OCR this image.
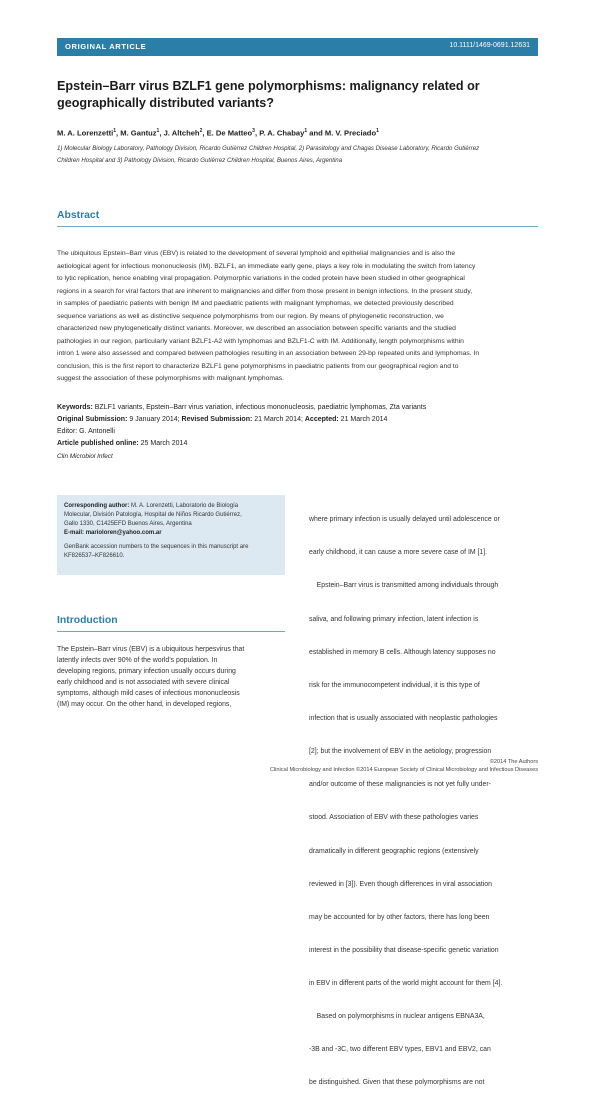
ORIGINAL ARTICLE	10.1111/1469-0691.12631
Epstein–Barr virus BZLF1 gene polymorphisms: malignancy related or
geographically distributed variants?
M. A. Lorenzetti$^1$, M. Gantuz$^1$, J. Altcheh$^2$, E. De Matteo$^3$, P. A. Chabay$^1$ and M. V. Preciado$^1$
1) Molecular Biology Laboratory, Pathology Division, Ricardo Gutiérrez Children Hospital, 2) Parasitology and Chagas Disease Laboratory, Ricardo Gutiérrez
Children Hospital and 3) Pathology Division, Ricardo Gutiérrez Children Hospital, Buenos Aires, Argentina
Abstract
The ubiquitous Epstein–Barr virus (EBV) is related to the development of several lymphoid and epithelial malignancies and is also the
aetiological agent for infectious mononucleosis (IM). BZLF1, an immediate early gene, plays a key role in modulating the switch from latency
to lytic replication, hence enabling viral propagation. Polymorphic variations in the coded protein have been studied in other geographical
regions in a search for viral factors that are inherent to malignancies and differ from those present in benign infections. In the present study,
in samples of paediatric patients with benign IM and paediatric patients with malignant lymphomas, we detected previously described
sequence variations as well as distinctive sequence polymorphisms from our region. By means of phylogenetic reconstruction, we
characterized new phylogenetically distinct variants. Moreover, we described an association between specific variants and the studied
pathologies in our region, particularly variant BZLF1-A2 with lymphomas and BZLF1-C with IM. Additionally, length polymorphisms within
intron 1 were also assessed and compared between pathologies resulting in an association between 29-bp repeated units and lymphomas. In
conclusion, this is the first report to characterize BZLF1 gene polymorphisms in paediatric patients from our geographical region and to
suggest the association of these polymorphisms with malignant lymphomas.
Keywords: BZLF1 variants, Epstein–Barr virus variation, infectious mononucleosis, paediatric lymphomas, Zta variants
Original Submission: 9 January 2014; Revised Submission: 21 March 2014; Accepted: 21 March 2014
Editor: G. Antonelli
Article published online: 25 March 2014
Clin Microbiol Infect
Corresponding author: M. A. Lorenzetti, Laboratorio de Biología
Molecular, División Patología, Hospital de Niños Ricardo Gutiérrez,
Gallo 1330, C1425EFD Buenos Aires, Argentina
E-mail: marioloren@yahoo.com.ar
GenBank accession numbers to the sequences in this manuscript are
KF826537–KF826610.
Introduction
The Epstein–Barr virus (EBV) is a ubiquitous herpesvirus that
latently infects over 90% of the world’s population. In
developing regions, primary infection usually occurs during
early childhood and is not associated with severe clinical
symptoms, although mild cases of infectious mononucleosis
(IM) may occur. On the other hand, in developed regions,

where primary infection is usually delayed until adolescence or

early childhood, it can cause a more severe case of IM [1].

Epstein–Barr virus is transmitted among individuals through

saliva, and following primary infection, latent infection is

established in memory B cells. Although latency supposes no

risk for the immunocompetent individual, it is this type of

infection that is usually associated with neoplastic pathologies

[2]; but the involvement of EBV in the aetiology, progression

and/or outcome of these malignancies is not yet fully under-

stood. Association of EBV with these pathologies varies

dramatically in different geographic regions (extensively

reviewed in [3]). Even though differences in viral association

may be accounted for by other factors, there has long been

interest in the possibility that disease-specific genetic variation

in EBV in different parts of the world might account for them [4].

Based on polymorphisms in nuclear antigens EBNA3A,

-3B and -3C, two different EBV types, EBV1 and EBV2, can

be distinguished. Given that these polymorphisms are not

©2014 The Authors
Clinical Microbiology and Infection ©2014 European Society of Clinical Microbiology and Infectious Diseases
